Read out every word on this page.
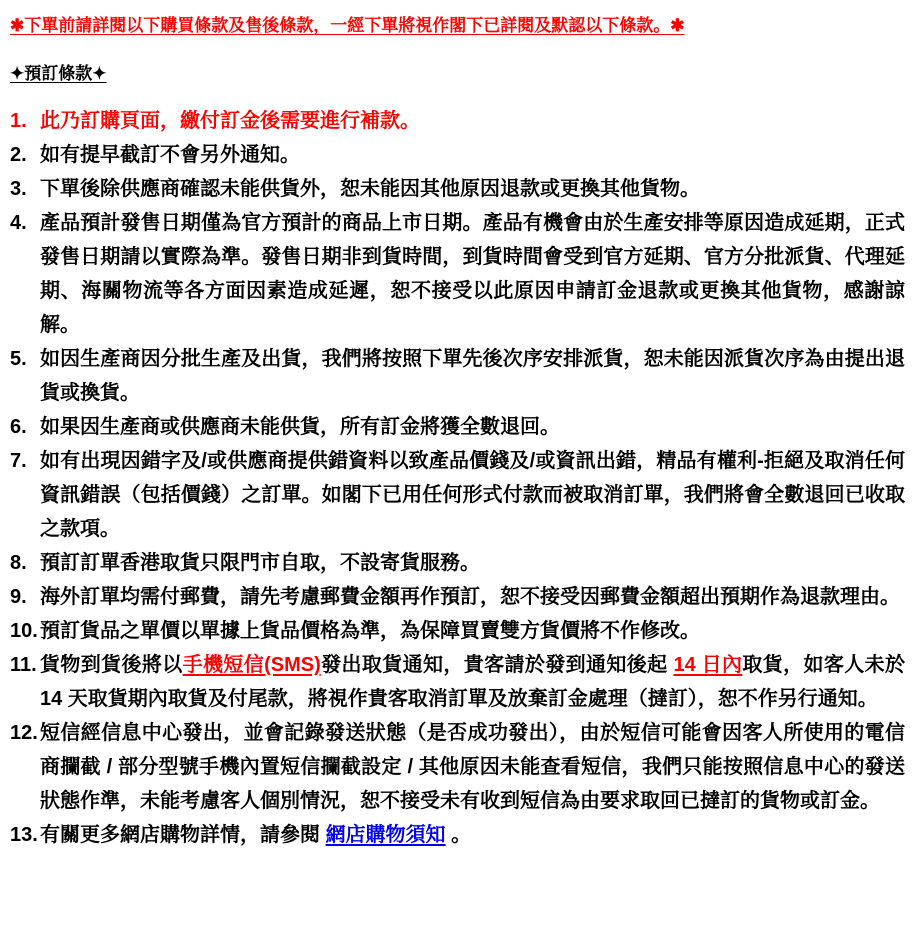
✱下單前請詳閱以下購買條款及售後條款，一經下單將視作閣下已詳閱及默認以下條款。✱
✦預訂條款✦
1. 此乃訂購頁面，繳付訂金後需要進行補款。
2. 如有提早截訂不會另外通知。
3. 下單後除供應商確認未能供貨外，恕未能因其他原因退款或更換其他貨物。
4. 產品預計發售日期僅為官方預計的商品上市日期。產品有機會由於生產安排等原因造成延期，正式發售日期請以實際為準。發售日期非到貨時間，到貨時間會受到官方延期、官方分批派貨、代理延期、海關物流等各方面因素造成延遲，恕不接受以此原因申請訂金退款或更換其他貨物，感謝諒解。
5. 如因生產商因分批生產及出貨，我們將按照下單先後次序安排派貨，恕未能因派貨次序為由提出退貨或換貨。
6. 如果因生產商或供應商未能供貨，所有訂金將獲全數退回。
7. 如有出現因錯字及/或供應商提供錯資料以致產品價錢及/或資訊出錯，精品有權利-拒絕及取消任何資訊錯誤（包括價錢）之訂單。如閣下已用任何形式付款而被取消訂單，我們將會全數退回已收取之款項。
8. 預訂訂單香港取貨只限門市自取，不設寄貨服務。
9. 海外訂單均需付郵費，請先考慮郵費金額再作預訂，恕不接受因郵費金額超出預期作為退款理由。
10. 預訂貨品之單價以單據上貨品價格為準，為保障買賣雙方貨價將不作修改。
11. 貨物到貨後將以手機短信(SMS)發出取貨通知，貴客請於發到通知後起 14 日內取貨，如客人未於14 天取貨期內取貨及付尾款，將視作貴客取消訂單及放棄訂金處理（撻訂），恕不作另行通知。
12. 短信經信息中心發出，並會記錄發送狀態（是否成功發出），由於短信可能會因客人所使用的電信商攔截 / 部分型號手機內置短信攔截設定 / 其他原因未能查看短信，我們只能按照信息中心的發送狀態作準，未能考慮客人個別情況，恕不接受未有收到短信為由要求取回已撻訂的貨物或訂金。
13. 有關更多網店購物詳情，請參閱 網店購物須知 。
